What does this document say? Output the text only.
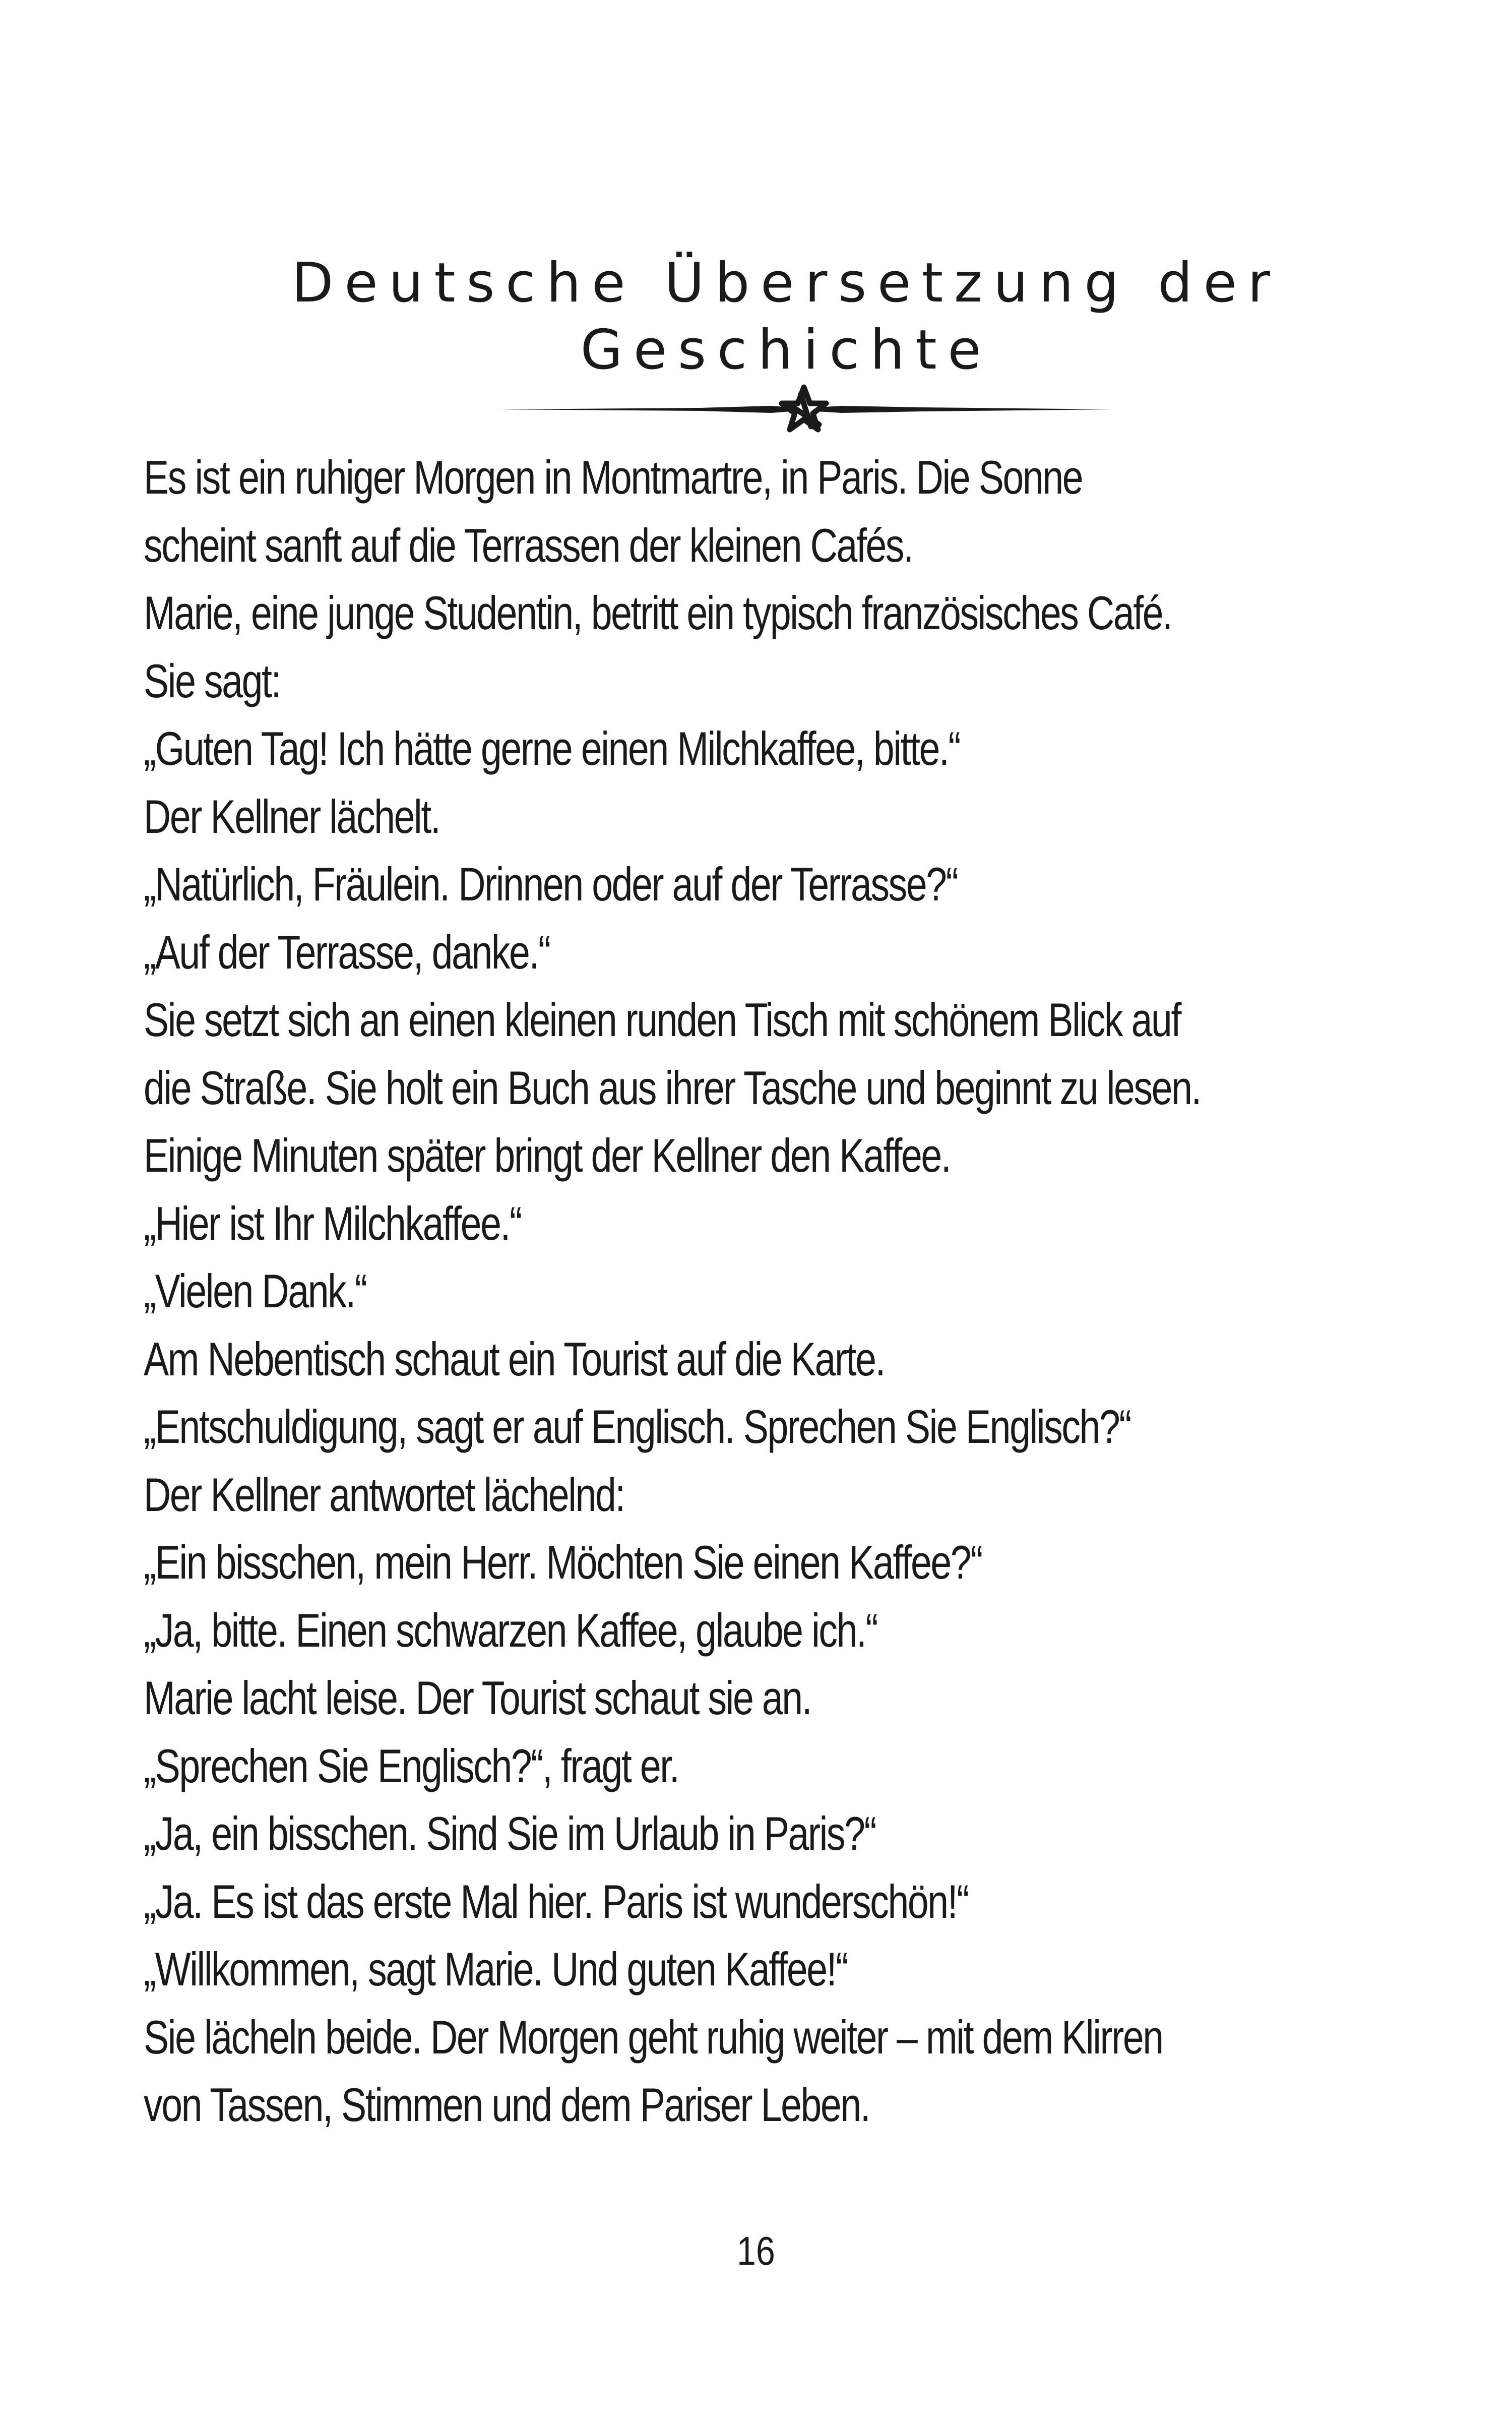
Deutsche Übersetzung der
Geschichte
Es ist ein ruhiger Morgen in Montmartre, in Paris. Die Sonne
scheint sanft auf die Terrassen der kleinen Cafés.
Marie, eine junge Studentin, betritt ein typisch französisches Café.
Sie sagt:
„Guten Tag! Ich hätte gerne einen Milchkaffee, bitte.“
Der Kellner lächelt.
„Natürlich, Fräulein. Drinnen oder auf der Terrasse?“
„Auf der Terrasse, danke.“
Sie setzt sich an einen kleinen runden Tisch mit schönem Blick auf
die Straße. Sie holt ein Buch aus ihrer Tasche und beginnt zu lesen.
Einige Minuten später bringt der Kellner den Kaffee.
„Hier ist Ihr Milchkaffee.“
„Vielen Dank.“
Am Nebentisch schaut ein Tourist auf die Karte.
„Entschuldigung, sagt er auf Englisch. Sprechen Sie Englisch?“
Der Kellner antwortet lächelnd:
„Ein bisschen, mein Herr. Möchten Sie einen Kaffee?“
„Ja, bitte. Einen schwarzen Kaffee, glaube ich.“
Marie lacht leise. Der Tourist schaut sie an.
„Sprechen Sie Englisch?“, fragt er.
„Ja, ein bisschen. Sind Sie im Urlaub in Paris?“
„Ja. Es ist das erste Mal hier. Paris ist wunderschön!“
„Willkommen, sagt Marie. Und guten Kaffee!“
Sie lächeln beide. Der Morgen geht ruhig weiter – mit dem Klirren
von Tassen, Stimmen und dem Pariser Leben.
16
